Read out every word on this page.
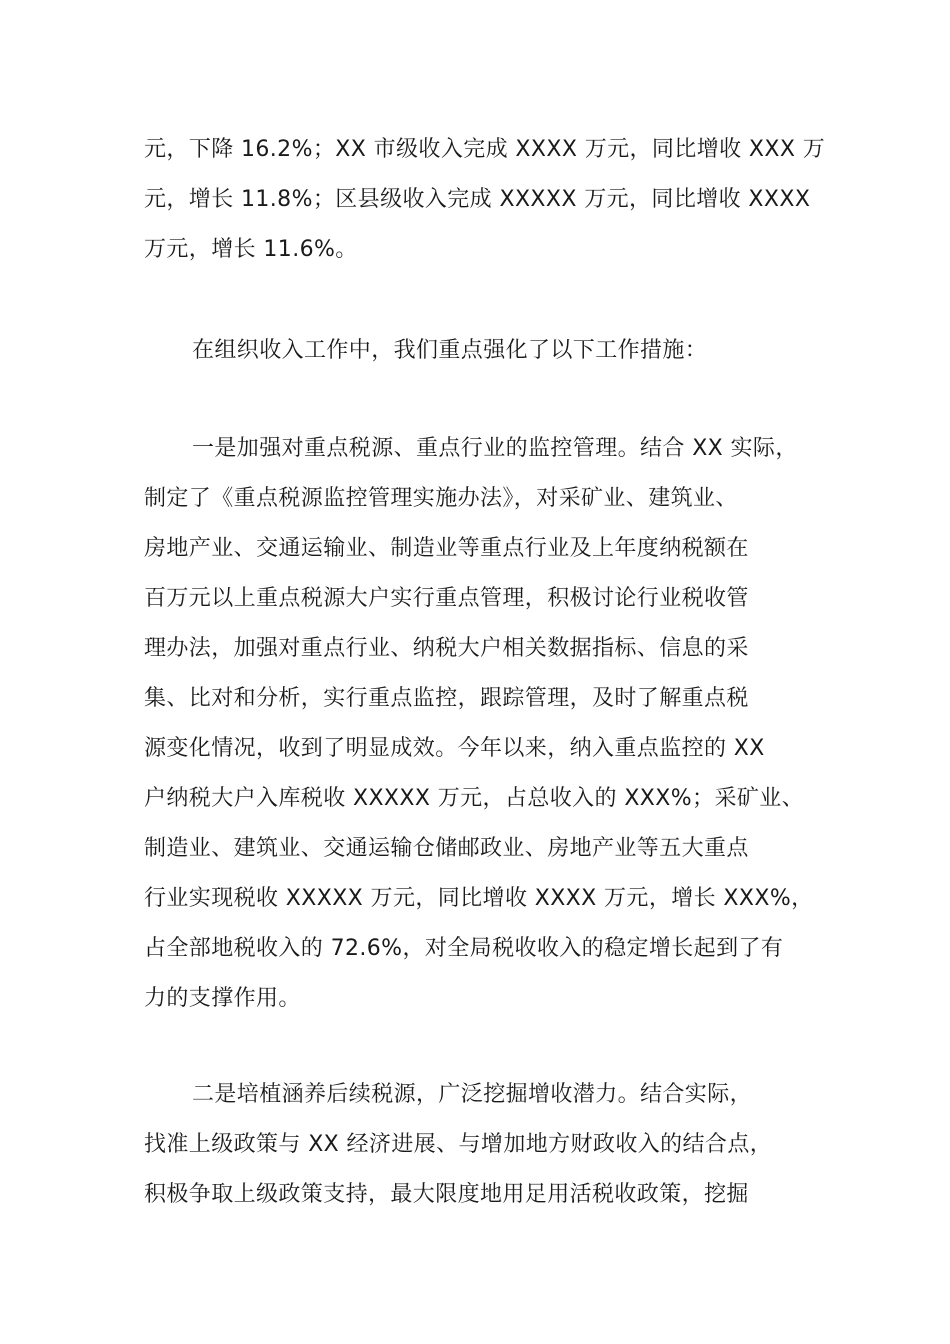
元，下降 16.2%；XX 市级收入完成 XXXX 万元，同比增收 XXX 万
元，增长 11.8%；区县级收入完成 XXXXX 万元，同比增收 XXXX
万元，增长 11.6%。
在组织收入工作中，我们重点强化了以下工作措施：
一是加强对重点税源、重点行业的监控管理。结合 XX 实际，
制定了《重点税源监控管理实施办法》，对采矿业、建筑业、
房地产业、交通运输业、制造业等重点行业及上年度纳税额在
百万元以上重点税源大户实行重点管理，积极讨论行业税收管
理办法，加强对重点行业、纳税大户相关数据指标、信息的采
集、比对和分析，实行重点监控，跟踪管理，及时了解重点税
源变化情况，收到了明显成效。今年以来，纳入重点监控的 XX
户纳税大户入库税收 XXXXX 万元，占总收入的 XXX%；采矿业、
制造业、建筑业、交通运输仓储邮政业、房地产业等五大重点
行业实现税收 XXXXX 万元，同比增收 XXXX 万元，增长 XXX%，
占全部地税收入的 72.6%，对全局税收收入的稳定增长起到了有
力的支撑作用。
二是培植涵养后续税源，广泛挖掘增收潜力。结合实际，
找准上级政策与 XX 经济进展、与增加地方财政收入的结合点，
积极争取上级政策支持，最大限度地用足用活税收政策，挖掘
